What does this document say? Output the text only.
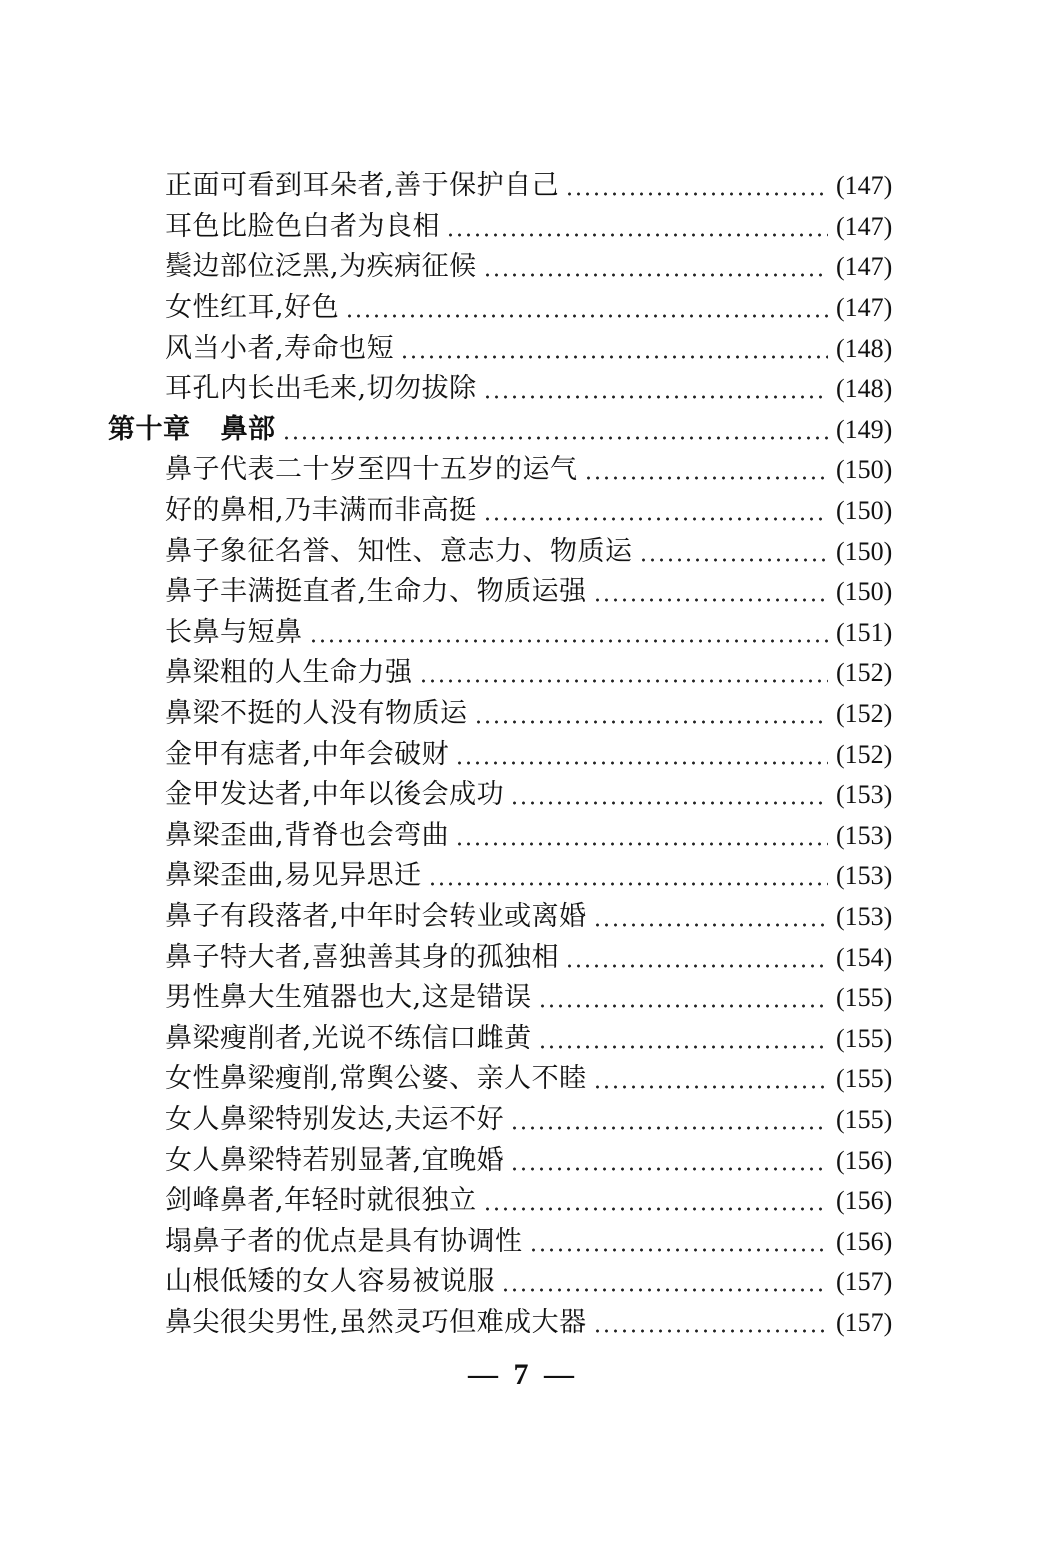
正面可看到耳朵者,善于保护自己	(147)
耳色比脸色白者为良相	(147)
鬓边部位泛黑,为疾病征候	(147)
女性红耳,好色	(147)
风当小者,寿命也短	(148)
耳孔内长出毛来,切勿拔除	(148)
第十章 鼻部	(149)
鼻子代表二十岁至四十五岁的运气	(150)
好的鼻相,乃丰满而非高挺	(150)
鼻子象征名誉、知性、意志力、物质运	(150)
鼻子丰满挺直者,生命力、物质运强	(150)
长鼻与短鼻	(151)
鼻梁粗的人生命力强	(152)
鼻梁不挺的人没有物质运	(152)
金甲有痣者,中年会破财	(152)
金甲发达者,中年以後会成功	(153)
鼻梁歪曲,背脊也会弯曲	(153)
鼻梁歪曲,易见异思迁	(153)
鼻子有段落者,中年时会转业或离婚	(153)
鼻子特大者,喜独善其身的孤独相	(154)
男性鼻大生殖器也大,这是错误	(155)
鼻梁瘦削者,光说不练信口雌黄	(155)
女性鼻梁瘦削,常舆公婆、亲人不睦	(155)
女人鼻梁特别发达,夫运不好	(155)
女人鼻梁特若别显著,宜晚婚	(156)
剑峰鼻者,年轻时就很独立	(156)
塌鼻子者的优点是具有协调性	(156)
山根低矮的女人容易被说服	(157)
鼻尖很尖男性,虽然灵巧但难成大器	(157)
— 7 —
